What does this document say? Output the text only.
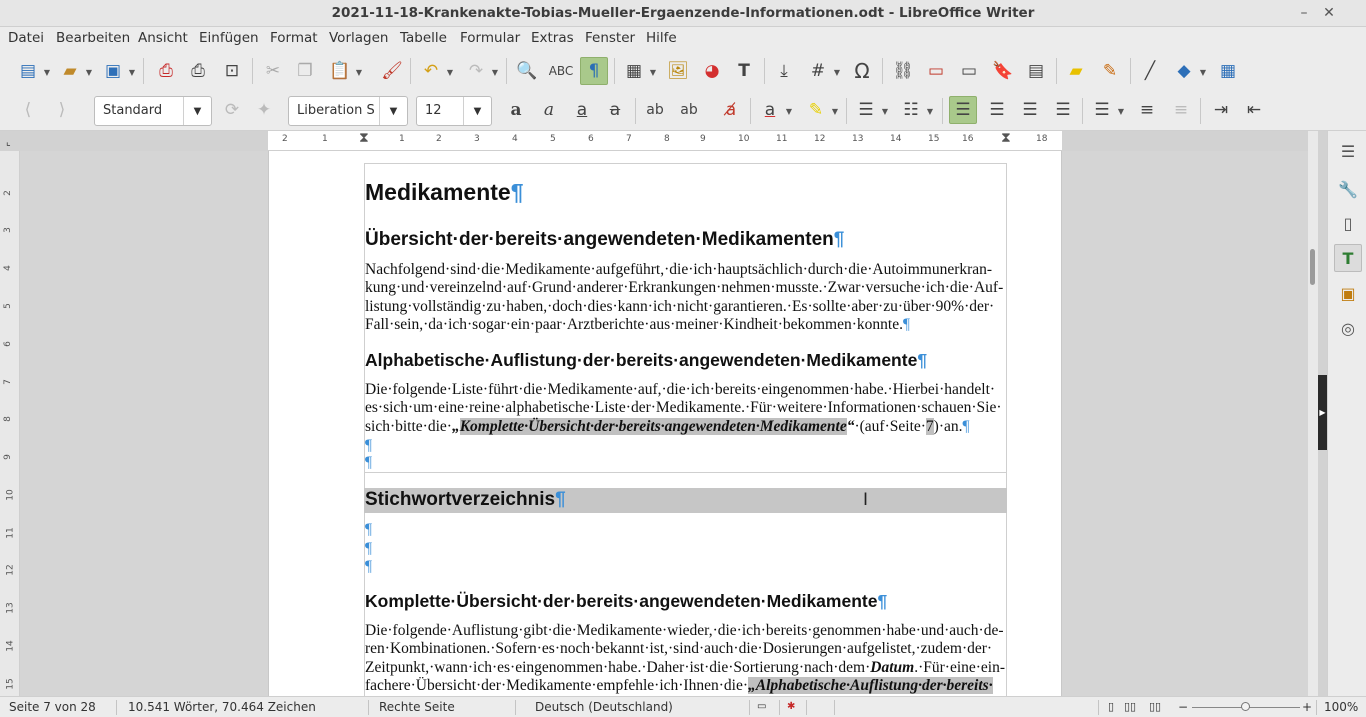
2021-11-18-Krankenakte-Tobias-Mueller-Ergaenzende-Informationen.odt - LibreOffice Writer	–	✕
Datei Bearbeiten Ansicht Einfügen Format Vorlagen Tabelle Formular Extras Fenster Hilfe
▤ ▼ ▰ ▼ ▣ ▼	⎙	⎙	⊡	✂	❐ 📋 ▼ 🖌	↶ ▼ ↷ ▼ 🔍 ABC ¶	▦ ▼ 🖼 ◕	T	⤓	# ▼ Ω	⛓ ▭ ▭ 🔖 ▤	▰	✎	╱	◆ ▼ ▦
⟨	⟩	Standard	▼	⟳	✦	Liberation S	▼	12	▼	a	a	a	a	ab	ab	a̸	a ▼ ✎ ▼	☰ ▼ ☷ ▼	☰	☰	☰	☰	☰ ▼ ≡	≡	⇥	⇤
2	1 ⧗	1	2	3	4	5	6	7	8	9	10	11	12	13	14	15	16 ⧗	18
⌞
2
3
4
5
6
7
8
9
10
11
12
13
14
15
Medikamente¶
Übersicht·der·bereits·angewendeten·Medikamenten¶
Nachfolgend·sind·die·Medikamente·aufgeführt,·die·ich·hauptsächlich·durch·die·Autoimmunerkran-
kung·und·vereinzelnd·auf·Grund·anderer·Erkrankungen·nehmen·musste.·Zwar·versuche·ich·die·Auf-
listung·vollständig·zu·haben,·doch·dies·kann·ich·nicht·garantieren.·Es·sollte·aber·zu·über·90%·der·
Fall·sein,·da·ich·sogar·ein·paar·Arztberichte·aus·meiner·Kindheit·bekommen·konnte.¶
Alphabetische·Auflistung·der·bereits·angewendeten·Medikamente¶
Die·folgende·Liste·führt·die·Medikamente·auf,·die·ich·bereits·eingenommen·habe.·Hierbei·handelt·
es·sich·um·eine·reine·alphabetische·Liste·der·Medikamente.·Für·weitere·Informationen·schauen·Sie·
sich·bitte·die·„Komplette·Übersicht·der·bereits·angewendeten·Medikamente“·(auf·Seite·7)·an.¶
¶
¶
Stichwortverzeichnis¶
¶
¶
¶
Komplette·Übersicht·der·bereits·angewendeten·Medikamente¶
Die·folgende·Auflistung·gibt·die·Medikamente·wieder,·die·ich·bereits·genommen·habe·und·auch·de-
ren·Kombinationen.·Sofern·es·noch·bekannt·ist,·sind·auch·die·Dosierungen·aufgelistet,·zudem·der·
Zeitpunkt,·wann·ich·es·eingenommen·habe.·Daher·ist·die·Sortierung·nach·dem·Datum.·Für·eine·ein-
fachere·Übersicht·der·Medikamente·empfehle·ich·Ihnen·die·„Alphabetische·Auflistung·der·bereits·
I
▶
☰
🔧
▯
T
▣
◎
Seite 7 von 28	10.541 Wörter, 70.464 Zeichen	Rechte Seite	Deutsch (Deutschland)	▭ ✱	▯ ▯▯ ▯▯ −	+ 100%
